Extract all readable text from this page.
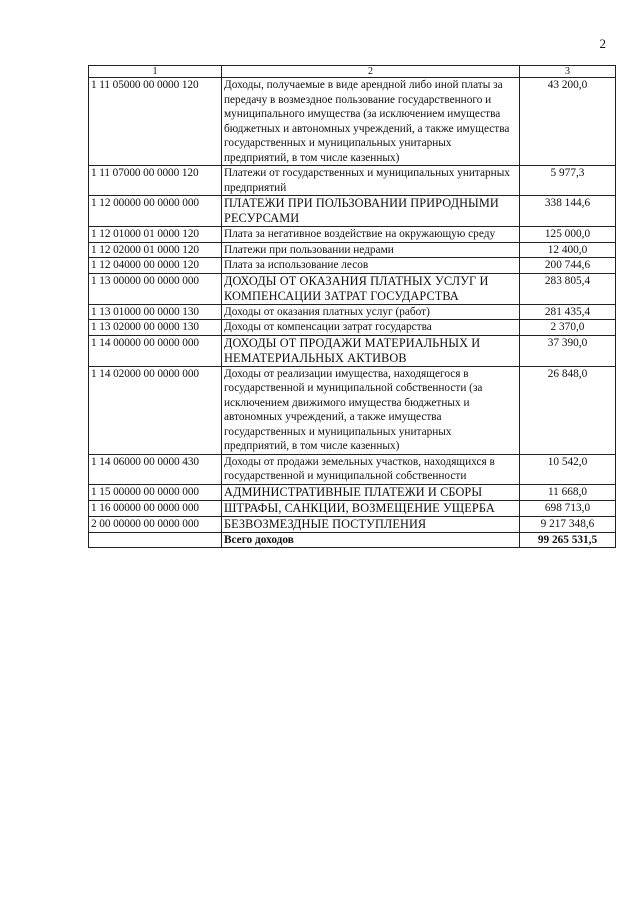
2
1	2	3
1 11 05000 00 0000 120	Доходы, получаемые в виде арендной либо иной платы за передачу в возмездное пользование государственного и муниципального имущества (за исключением имущества бюджетных и автономных учреждений, а также имущества государственных и муниципальных унитарных предприятий, в том числе казенных)	43 200,0
1 11 07000 00 0000 120	Платежи от государственных и муниципальных унитарных предприятий	5 977,3
1 12 00000 00 0000 000	ПЛАТЕЖИ ПРИ ПОЛЬЗОВАНИИ ПРИРОДНЫМИ РЕСУРСАМИ	338 144,6
1 12 01000 01 0000 120	Плата за негативное воздействие на окружающую среду	125 000,0
1 12 02000 01 0000 120	Платежи при пользовании недрами	12 400,0
1 12 04000 00 0000 120	Плата за использование лесов	200 744,6
1 13 00000 00 0000 000	ДОХОДЫ ОТ ОКАЗАНИЯ ПЛАТНЫХ УСЛУГ И КОМПЕНСАЦИИ ЗАТРАТ ГОСУДАРСТВА	283 805,4
1 13 01000 00 0000 130	Доходы от оказания платных услуг (работ)	281 435,4
1 13 02000 00 0000 130	Доходы от компенсации затрат государства	2 370,0
1 14 00000 00 0000 000	ДОХОДЫ ОТ ПРОДАЖИ МАТЕРИАЛЬНЫХ И НЕМАТЕРИАЛЬНЫХ АКТИВОВ	37 390,0
1 14 02000 00 0000 000	Доходы от реализации имущества, находящегося в государственной и муниципальной собственности (за исключением движимого имущества бюджетных и автономных учреждений, а также имущества государственных и муниципальных унитарных предприятий, в том числе казенных)	26 848,0
1 14 06000 00 0000 430	Доходы от продажи земельных участков, находящихся в государственной и муниципальной собственности	10 542,0
1 15 00000 00 0000 000	АДМИНИСТРАТИВНЫЕ ПЛАТЕЖИ И СБОРЫ	11 668,0
1 16 00000 00 0000 000	ШТРАФЫ, САНКЦИИ, ВОЗМЕЩЕНИЕ УЩЕРБА	698 713,0
2 00 00000 00 0000 000	БЕЗВОЗМЕЗДНЫЕ ПОСТУПЛЕНИЯ	9 217 348,6
	Всего доходов	99 265 531,5
